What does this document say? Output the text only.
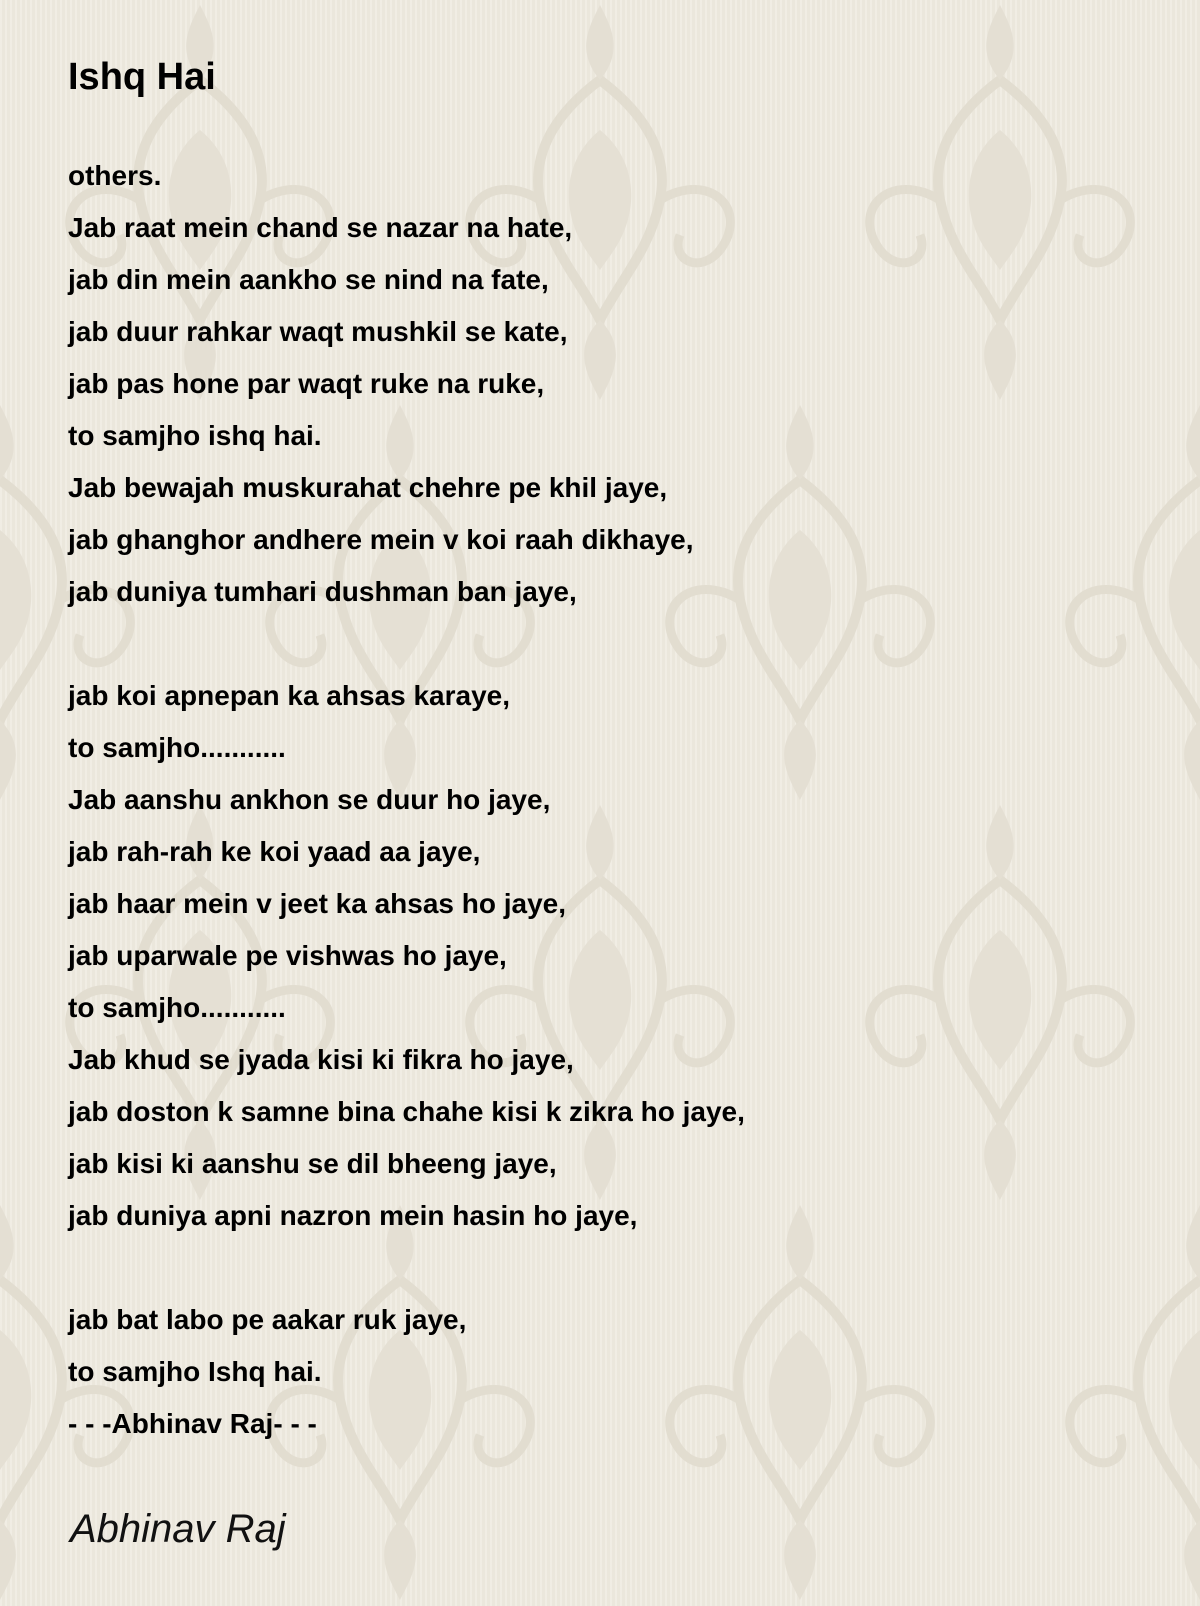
Ishq Hai
others.
Jab raat mein chand se nazar na hate,
jab din mein aankho se nind na fate,
jab duur rahkar waqt mushkil se kate,
jab pas hone par waqt ruke na ruke,
to samjho ishq hai.
Jab bewajah muskurahat chehre pe khil jaye,
jab ghanghor andhere mein v koi raah dikhaye,
jab duniya tumhari dushman ban jaye,
jab koi apnepan ka ahsas karaye,
to samjho...........
Jab aanshu ankhon se duur ho jaye,
jab rah-rah ke koi yaad aa jaye,
jab haar mein v jeet ka ahsas ho jaye,
jab uparwale pe vishwas ho jaye,
to samjho...........
Jab khud se jyada kisi ki fikra ho jaye,
jab doston k samne bina chahe kisi k zikra ho jaye,
jab kisi ki aanshu se dil bheeng jaye,
jab duniya apni nazron mein hasin ho jaye,
jab bat labo pe aakar ruk jaye,
to samjho Ishq hai.
- - -Abhinav Raj- - -
Abhinav Raj
